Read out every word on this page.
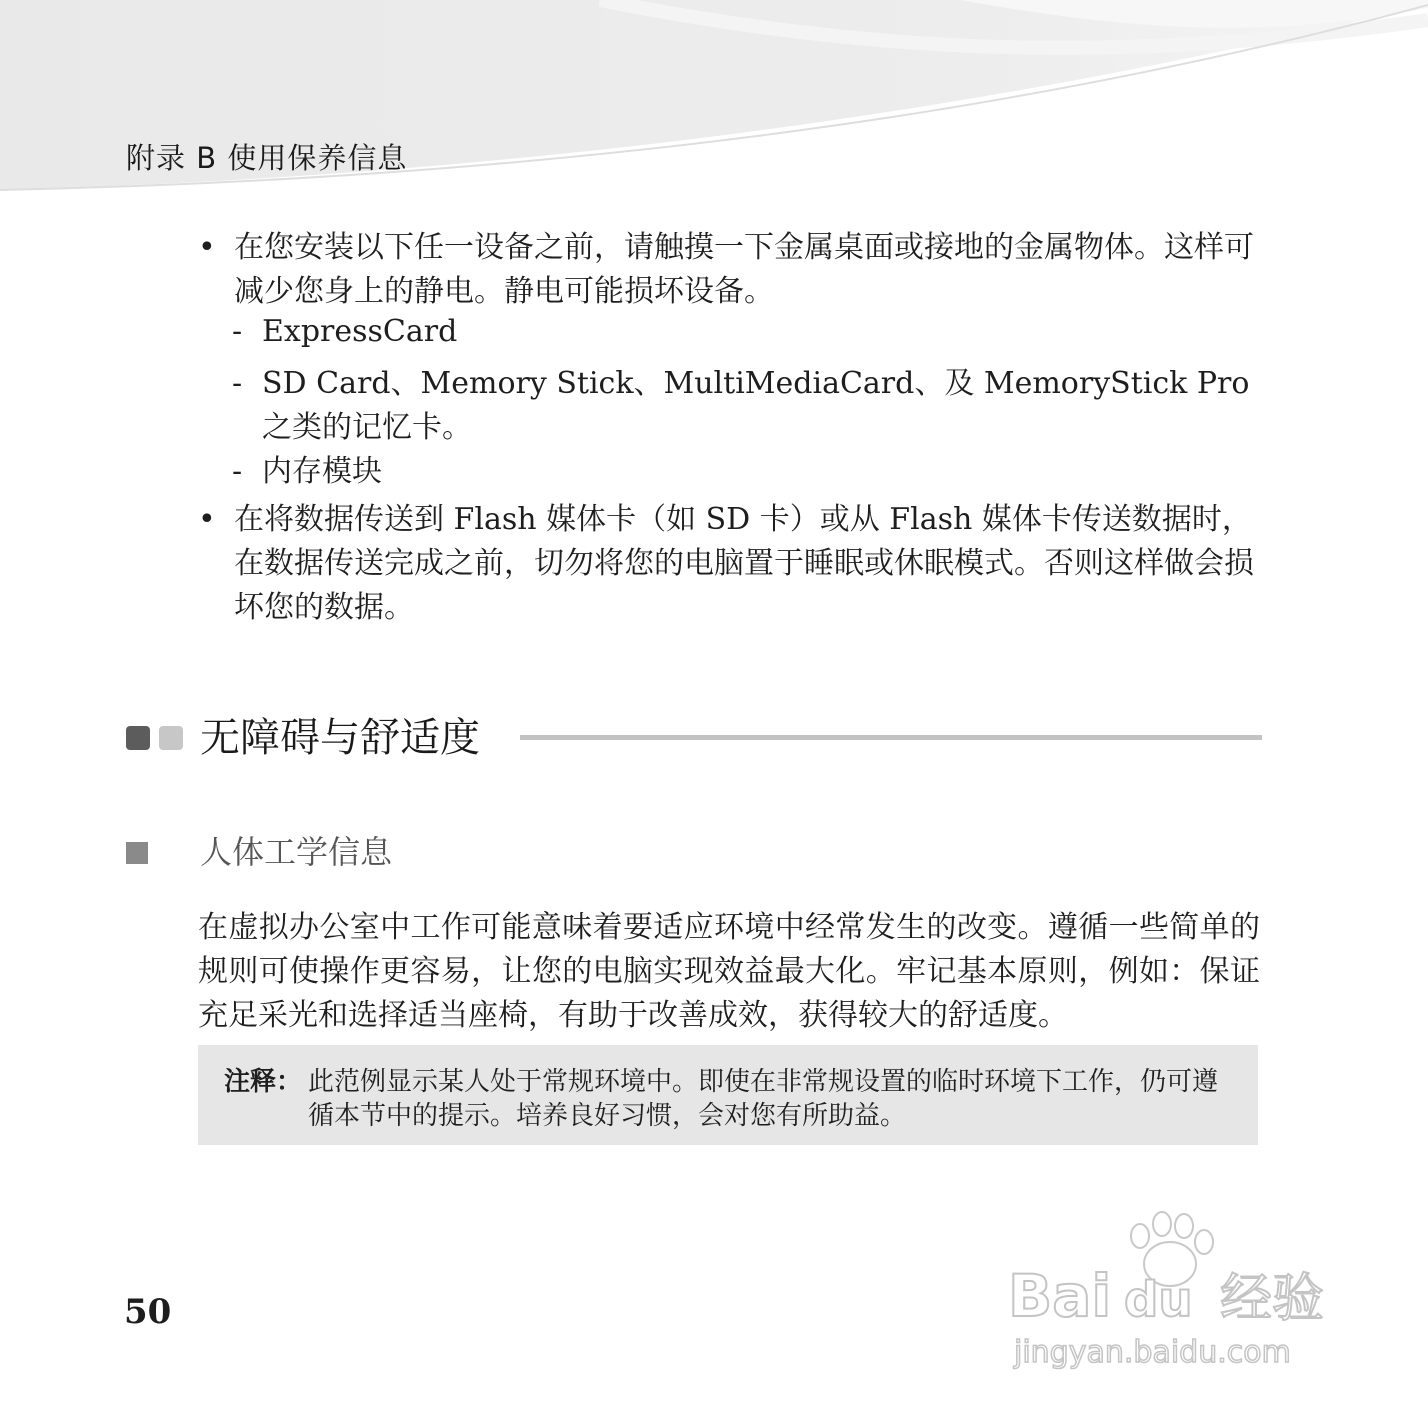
附录 B 使用保养信息
• 在您安装以下任一设备之前，请触摸一下金属桌面或接地的金属物体。这样可减少您身上的静电。静电可能损坏设备。
- ExpressCard
- SD Card、Memory Stick、MultiMediaCard、及 MemoryStick Pro 之类的记忆卡。
- 内存模块
• 在将数据传送到 Flash 媒体卡（如 SD 卡）或从 Flash 媒体卡传送数据时，在数据传送完成之前，切勿将您的电脑置于睡眠或休眠模式。否则这样做会损坏您的数据。
无障碍与舒适度
人体工学信息
在虚拟办公室中工作可能意味着要适应环境中经常发生的改变。遵循一些简单的规则可使操作更容易，让您的电脑实现效益最大化。牢记基本原则，例如：保证充足采光和选择适当座椅，有助于改善成效，获得较大的舒适度。
注释： 此范例显示某人处于常规环境中。即使在非常规设置的临时环境下工作，仍可遵循本节中的提示。培养良好习惯，会对您有所助益。
50	Bai du 经验
jingyan.baidu.com
